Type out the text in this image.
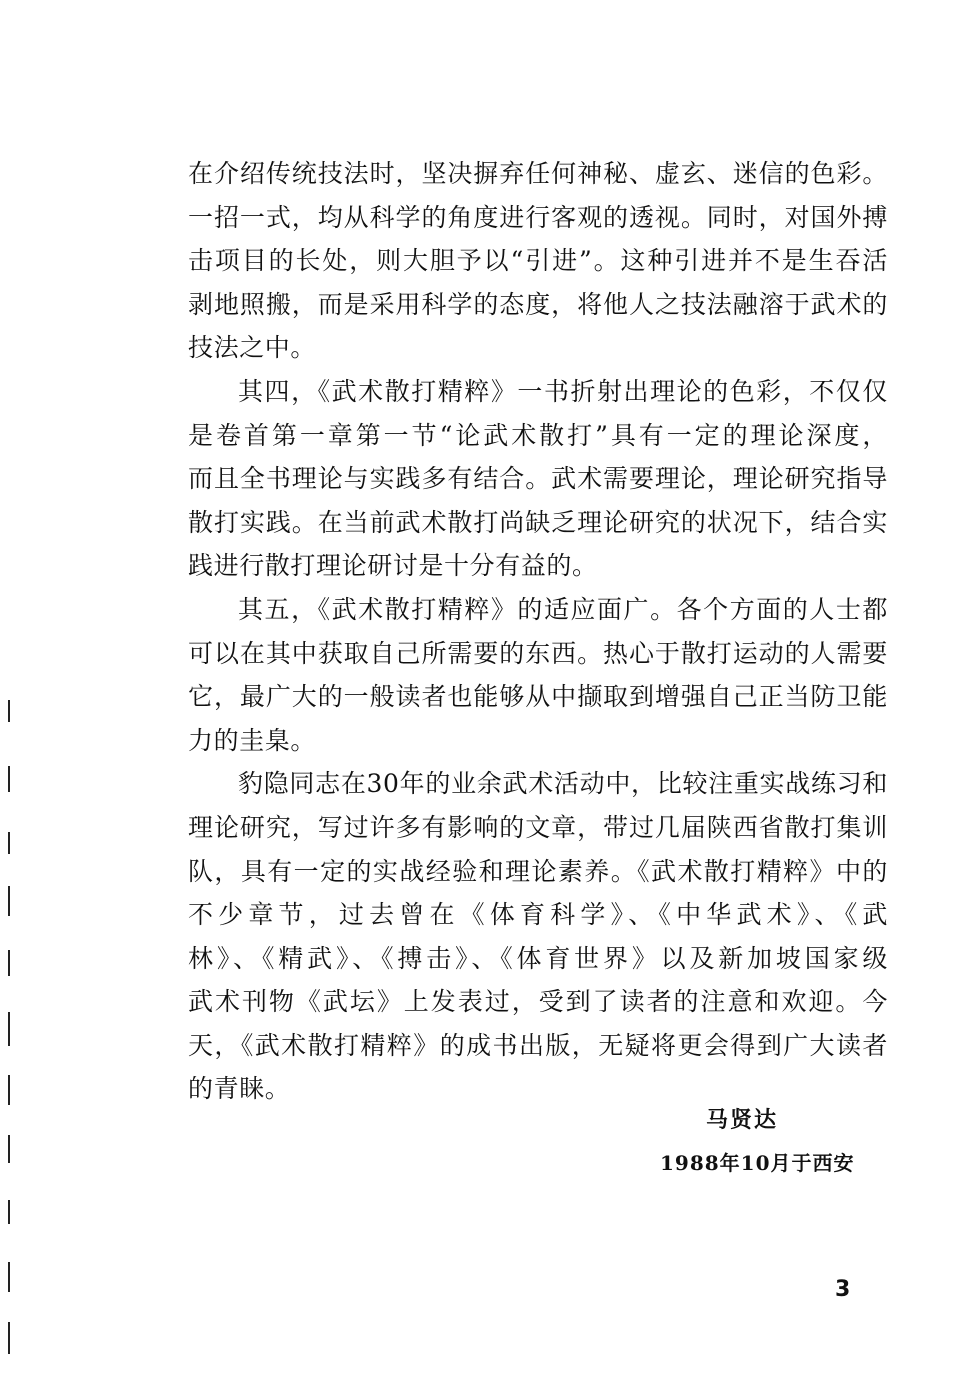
在介绍传统技法时，坚决摒弃任何神秘、虚玄、迷信的色彩。
一招一式，均从科学的角度进行客观的透视。同时，对国外搏
击项目的长处，则大胆予以“引进”。这种引进并不是生吞活
剥地照搬，而是采用科学的态度，将他人之技法融溶于武术的
技法之中。
其四，《武术散打精粹》一书折射出理论的色彩，不仅仅
是卷首第一章第一节“论武术散打”具有一定的理论深度，
而且全书理论与实践多有结合。武术需要理论，理论研究指导
散打实践。在当前武术散打尚缺乏理论研究的状况下，结合实
践进行散打理论研讨是十分有益的。
其五，《武术散打精粹》的适应面广。各个方面的人士都
可以在其中获取自己所需要的东西。热心于散打运动的人需要
它，最广大的一般读者也能够从中撷取到增强自己正当防卫能
力的圭臬。
豹隐同志在30年的业余武术活动中，比较注重实战练习和
理论研究，写过许多有影响的文章，带过几届陕西省散打集训
队，具有一定的实战经验和理论素养。《武术散打精粹》中的
不少章节，过去曾在《体育科学》、《中华武术》、《武
林》、《精武》、《搏击》、《体育世界》以及新加坡国家级
武术刊物《武坛》上发表过，受到了读者的注意和欢迎。今
天，《武术散打精粹》的成书出版，无疑将更会得到广大读者
的青睐。
马贤达
1988年10月于西安
3
